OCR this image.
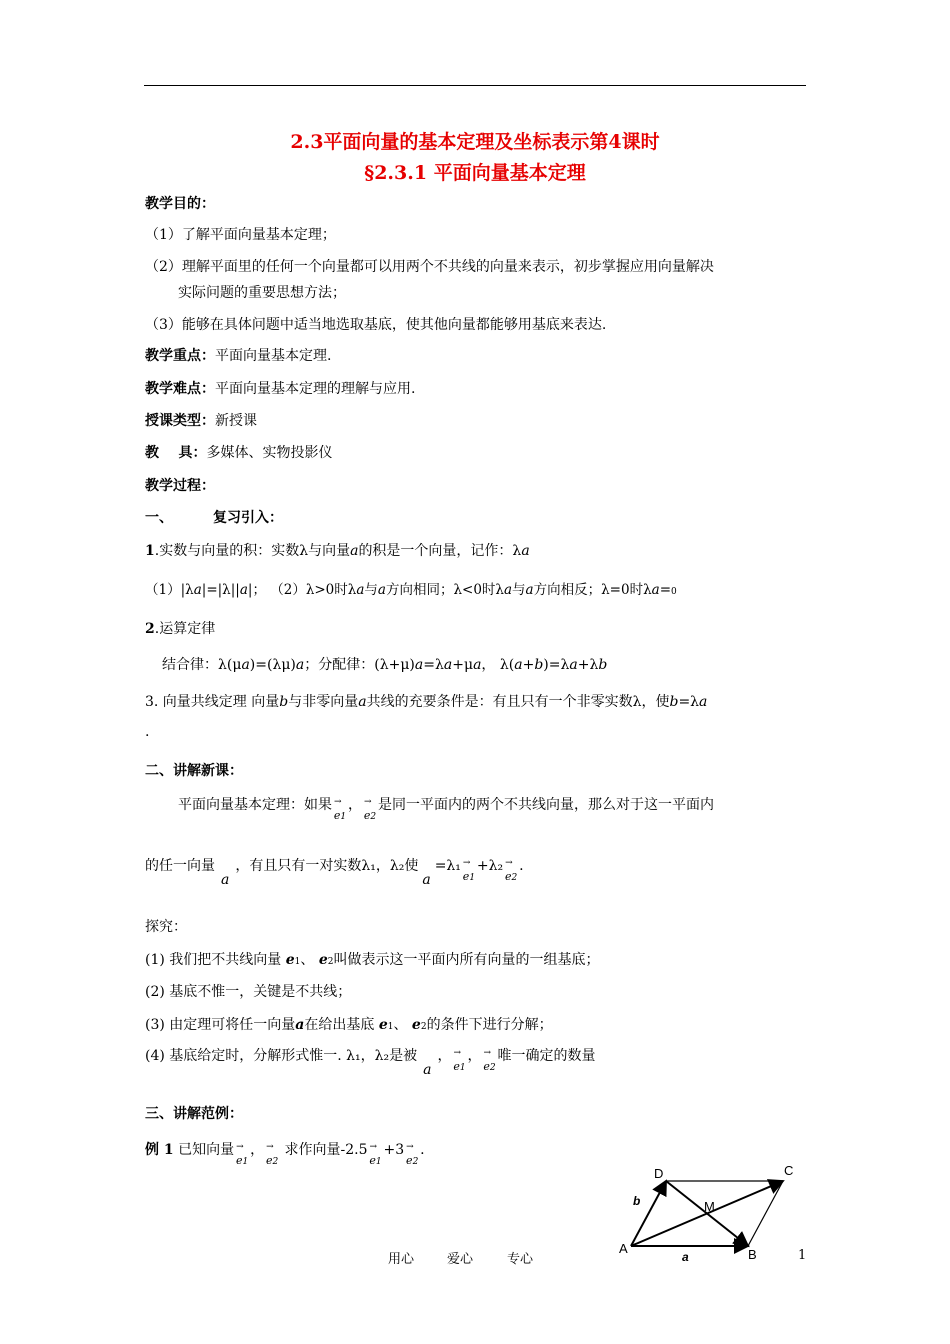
2.3平面向量的基本定理及坐标表示第4课时
§2.3.1 平面向量基本定理
教学目的：
（1）了解平面向量基本定理；
（2）理解平面里的任何一个向量都可以用两个不共线的向量来表示，初步掌握应用向量解决
实际问题的重要思想方法；
（3）能够在具体问题中适当地选取基底，使其他向量都能够用基底来表达.
教学重点：平面向量基本定理.
教学难点：平面向量基本定理的理解与应用.
授课类型：新授课
教    具：多媒体、实物投影仪
教学过程：
一、	复习引入：
1.实数与向量的积：实数λ与向量a的积是一个向量，记作：λa
（1）|λa|=|λ||a|； （2）λ>0时λa与a方向相同；λ<0时λa与a方向相反；λ=0时λa=0
2.运算定律
结合律：λ(μa)=(λμ)a；分配律：(λ+μ)a=λa+μa， λ(a+b)=λa+λb
3. 向量共线定理 向量b与非零向量a共线的充要条件是：有且只有一个非零实数λ，使b=λa
.
二、讲解新课：
平面向量基本定理：如果→ e1，→ e2是同一平面内的两个不共线向量，那么对于这一平面内
的任一向量a，有且只有一对实数λ₁，λ₂使a=λ₁→ e1+λ₂→ e2.
探究：
(1) 我们把不共线向量 e1、 e2叫做表示这一平面内所有向量的一组基底；
(2) 基底不惟一，关键是不共线；
(3) 由定理可将任一向量a在给出基底 e1、 e2的条件下进行分解；
(4) 基底给定时，分解形式惟一. λ₁，λ₂是被a，→ e1，→ e2唯一确定的数量
三、讲解范例：
例 1 已知向量→ e1，→ e2 求作向量-2.5→ e1+3→ e2.
D	C
A	B
M
b
a
用心	爱心	专心	1
